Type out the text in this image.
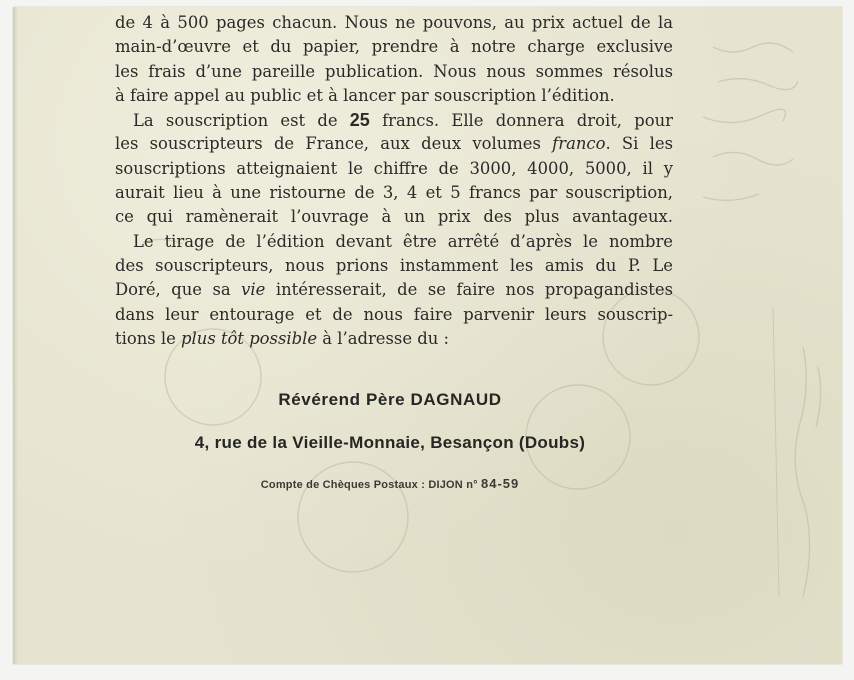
de 4 à 500 pages chacun. Nous ne pouvons, au prix actuel de la
main-d’œuvre et du papier, prendre à notre charge exclusive
les frais d’une pareille publication. Nous nous sommes résolus
à faire appel au public et à lancer par souscription l’édition.
La souscription est de 25 francs. Elle donnera droit, pour
les souscripteurs de France, aux deux volumes franco. Si les
souscriptions atteignaient le chiffre de 3000, 4000, 5000, il y
aurait lieu à une ristourne de 3, 4 et 5 francs par souscription,
ce qui ramènerait l’ouvrage à un prix des plus avantageux.
Le tirage de l’édition devant être arrêté d’après le nombre
des souscripteurs, nous prions instamment les amis du P. Le
Doré, que sa vie intéresserait, de se faire nos propagandistes
dans leur entourage et de nous faire parvenir leurs souscrip-
tions le plus tôt possible à l’adresse du :
Révérend Père DAGNAUD
4, rue de la Vieille-Monnaie, Besançon (Doubs)
Compte de Chèques Postaux : DIJON n° 84-59
